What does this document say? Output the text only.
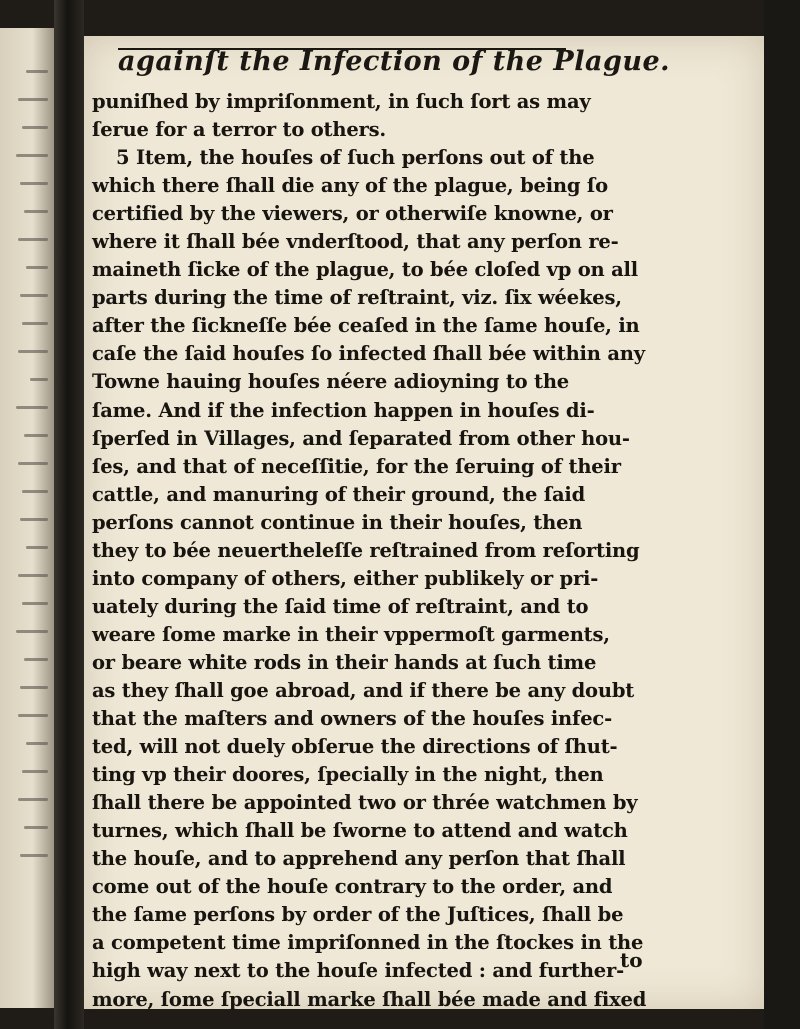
againſt the Infection of the Plague.
puniſhed by impriſonment, in ſuch ſort as may
ſerue for a terror to others.
5 Item, the houſes of ſuch perſons out of the
which there ſhall die any of the plague, being ſo
certified by the viewers, or otherwiſe knowne, or
where it ſhall bée vnderſtood, that any perſon re-
maineth ſicke of the plague, to bée cloſed vp on all
parts during the time of reſtraint, viz. ſix wéekes,
after the ſickneſſe bée ceaſed in the ſame houſe, in
caſe the ſaid houſes ſo infected ſhall bée within any
Towne hauing houſes néere adioyning to the
ſame. And if the infection happen in houſes di-
ſperſed in Villages, and ſeparated from other hou-
ſes, and that of neceſſitie, for the ſeruing of their
cattle, and manuring of their ground, the ſaid
perſons cannot continue in their houſes, then
they to bée neuertheleſſe reſtrained from reſorting
into company of others, either publikely or pri-
uately during the ſaid time of reſtraint, and to
weare ſome marke in their vppermoſt garments,
or beare white rods in their hands at ſuch time
as they ſhall goe abroad, and if there be any doubt
that the maſters and owners of the houſes infec-
ted, will not duely obſerue the directions of ſhut-
ting vp their doores, ſpecially in the night, then
ſhall there be appointed two or thrée watchmen by
turnes, which ſhall be ſworne to attend and watch
the houſe, and to apprehend any perſon that ſhall
come out of the houſe contrary to the order, and
the ſame perſons by order of the Juſtices, ſhall be
a competent time impriſonned in the ſtockes in the
high way next to the houſe infected : and further-
more, ſome ſpeciall marke ſhall bée made and fixed
to
